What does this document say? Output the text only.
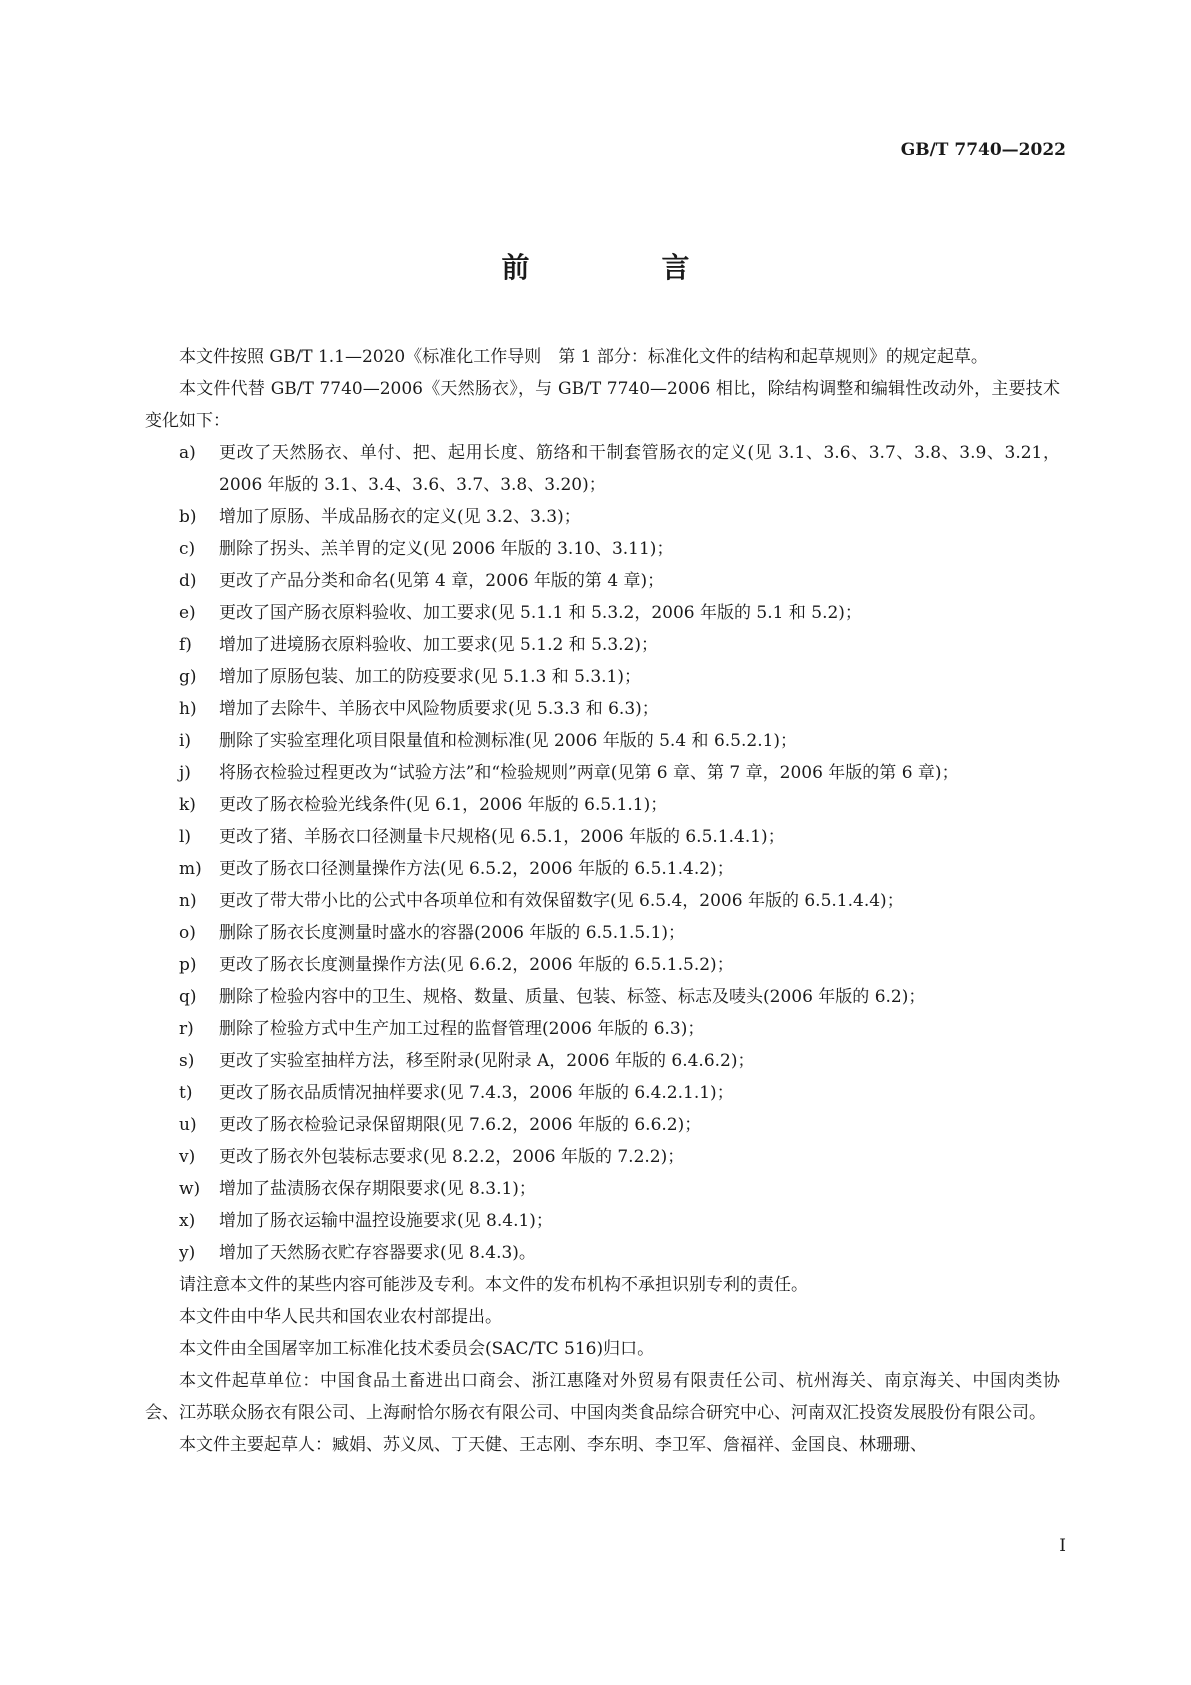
GB/T 7740—2022
前　言

本文件按照 GB/T 1.1—2020《标准化工作导则　第 1 部分：标准化文件的结构和起草规则》的规定起草。

本文件代替 GB/T 7740—2006《天然肠衣》，与 GB/T 7740—2006 相比，除结构调整和编辑性改动外，主要技术变化如下：

a)	更改了天然肠衣、单付、把、起用长度、筋络和干制套管肠衣的定义(见 3.1、3.6、3.7、3.8、3.9、3.21，2006 年版的 3.1、3.4、3.6、3.7、3.8、3.20)；
b)	增加了原肠、半成品肠衣的定义(见 3.2、3.3)；
c)	删除了拐头、羔羊胃的定义(见 2006 年版的 3.10、3.11)；
d)	更改了产品分类和命名(见第 4 章，2006 年版的第 4 章)；
e)	更改了国产肠衣原料验收、加工要求(见 5.1.1 和 5.3.2，2006 年版的 5.1 和 5.2)；
f)	增加了进境肠衣原料验收、加工要求(见 5.1.2 和 5.3.2)；
g)	增加了原肠包装、加工的防疫要求(见 5.1.3 和 5.3.1)；
h)	增加了去除牛、羊肠衣中风险物质要求(见 5.3.3 和 6.3)；
i)	删除了实验室理化项目限量值和检测标准(见 2006 年版的 5.4 和 6.5.2.1)；
j)	将肠衣检验过程更改为“试验方法”和“检验规则”两章(见第 6 章、第 7 章，2006 年版的第 6 章)；
k)	更改了肠衣检验光线条件(见 6.1，2006 年版的 6.5.1.1)；
l)	更改了猪、羊肠衣口径测量卡尺规格(见 6.5.1，2006 年版的 6.5.1.4.1)；
m)	更改了肠衣口径测量操作方法(见 6.5.2，2006 年版的 6.5.1.4.2)；
n)	更改了带大带小比的公式中各项单位和有效保留数字(见 6.5.4，2006 年版的 6.5.1.4.4)；
o)	删除了肠衣长度测量时盛水的容器(2006 年版的 6.5.1.5.1)；
p)	更改了肠衣长度测量操作方法(见 6.6.2，2006 年版的 6.5.1.5.2)；
q)	删除了检验内容中的卫生、规格、数量、质量、包装、标签、标志及唛头(2006 年版的 6.2)；
r)	删除了检验方式中生产加工过程的监督管理(2006 年版的 6.3)；
s)	更改了实验室抽样方法，移至附录(见附录 A，2006 年版的 6.4.6.2)；
t)	更改了肠衣品质情况抽样要求(见 7.4.3，2006 年版的 6.4.2.1.1)；
u)	更改了肠衣检验记录保留期限(见 7.6.2，2006 年版的 6.6.2)；
v)	更改了肠衣外包装标志要求(见 8.2.2，2006 年版的 7.2.2)；
w)	增加了盐渍肠衣保存期限要求(见 8.3.1)；
x)	增加了肠衣运输中温控设施要求(见 8.4.1)；
y)	增加了天然肠衣贮存容器要求(见 8.4.3)。

请注意本文件的某些内容可能涉及专利。本文件的发布机构不承担识别专利的责任。

本文件由中华人民共和国农业农村部提出。

本文件由全国屠宰加工标准化技术委员会(SAC/TC 516)归口。

本文件起草单位：中国食品土畜进出口商会、浙江惠隆对外贸易有限责任公司、杭州海关、南京海关、中国肉类协会、江苏联众肠衣有限公司、上海耐恰尔肠衣有限公司、中国肉类食品综合研究中心、河南双汇投资发展股份有限公司。

本文件主要起草人：臧娟、苏义凤、丁天健、王志刚、李东明、李卫军、詹福祥、金国良、林珊珊、

I
